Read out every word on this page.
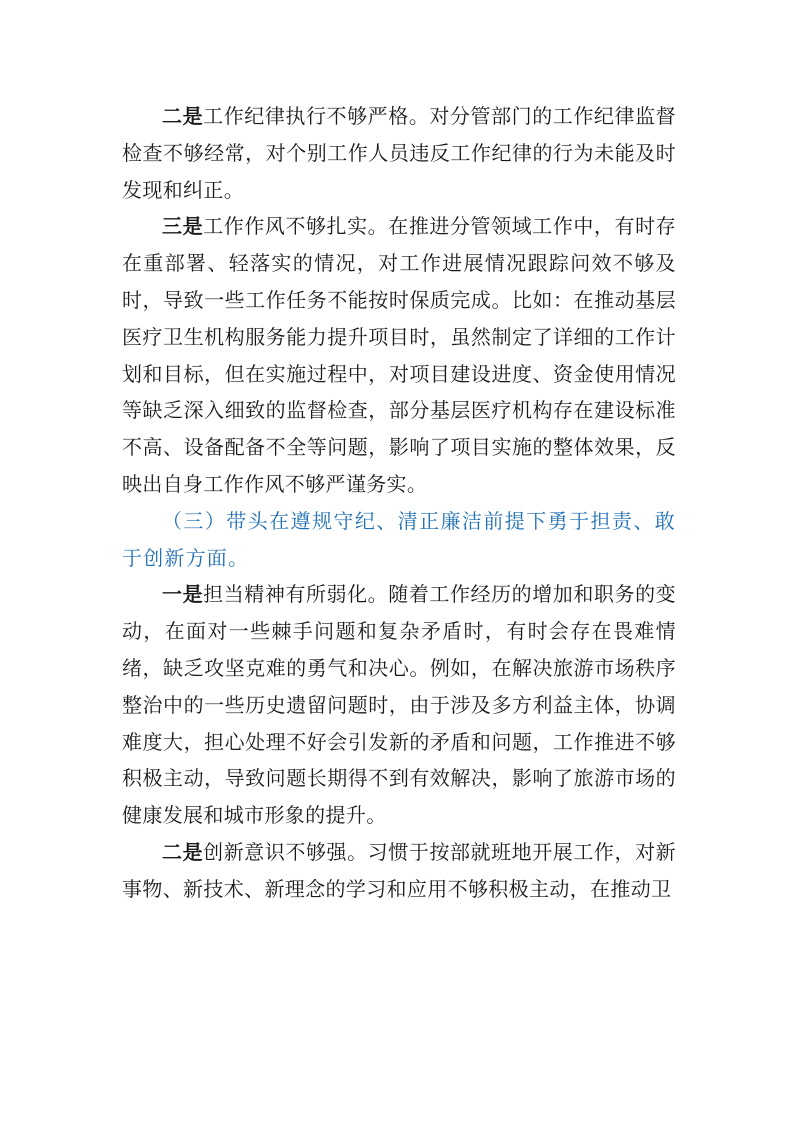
二是工作纪律执行不够严格。对分管部门的工作纪律监督检查不够经常，对个别工作人员违反工作纪律的行为未能及时发现和纠正。

三是工作作风不够扎实。在推进分管领域工作中，有时存在重部署、轻落实的情况，对工作进展情况跟踪问效不够及时，导致一些工作任务不能按时保质完成。比如：在推动基层医疗卫生机构服务能力提升项目时，虽然制定了详细的工作计划和目标，但在实施过程中，对项目建设进度、资金使用情况等缺乏深入细致的监督检查，部分基层医疗机构存在建设标准不高、设备配备不全等问题，影响了项目实施的整体效果，反映出自身工作作风不够严谨务实。

（三）带头在遵规守纪、清正廉洁前提下勇于担责、敢于创新方面。

一是担当精神有所弱化。随着工作经历的增加和职务的变动，在面对一些棘手问题和复杂矛盾时，有时会存在畏难情绪，缺乏攻坚克难的勇气和决心。例如，在解决旅游市场秩序整治中的一些历史遗留问题时，由于涉及多方利益主体，协调难度大，担心处理不好会引发新的矛盾和问题，工作推进不够积极主动，导致问题长期得不到有效解决，影响了旅游市场的健康发展和城市形象的提升。

二是创新意识不够强。习惯于按部就班地开展工作，对新事物、新技术、新理念的学习和应用不够积极主动，在推动卫
